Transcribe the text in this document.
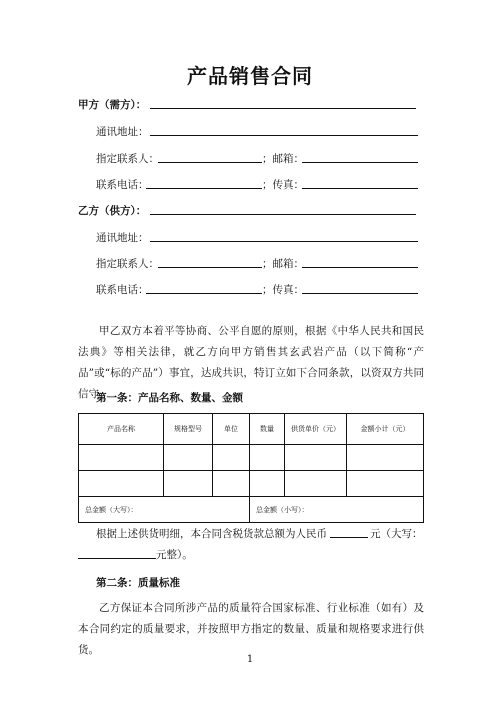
产品销售合同
甲方（需方）：
通讯地址：
指定联系人：	；邮箱：
联系电话：	；传真：
乙方（供方）：
通讯地址：
指定联系人：	；邮箱：
联系电话：	；传真：
甲乙双方本着平等协商、公平自愿的原则，根据《中华人民共和国民法典》等相关法律，就乙方向甲方销售其玄武岩产品（以下简称“产品”或“标的产品”）事宜，达成共识，特订立如下合同条款，以资双方共同信守。
第一条：产品名称、数量、金额
产品名称	规格型号	单位	数量	供货单价（元）	金额小计（元）

总金额（大写）：			总金额（小写）：		
根据上述供货明细，本合同含税货款总额为人民币	元（大写：
元整）。
第二条：质量标准
乙方保证本合同所涉产品的质量符合国家标准、行业标准（如有）及本合同约定的质量要求，并按照甲方指定的数量、质量和规格要求进行供货。
1
